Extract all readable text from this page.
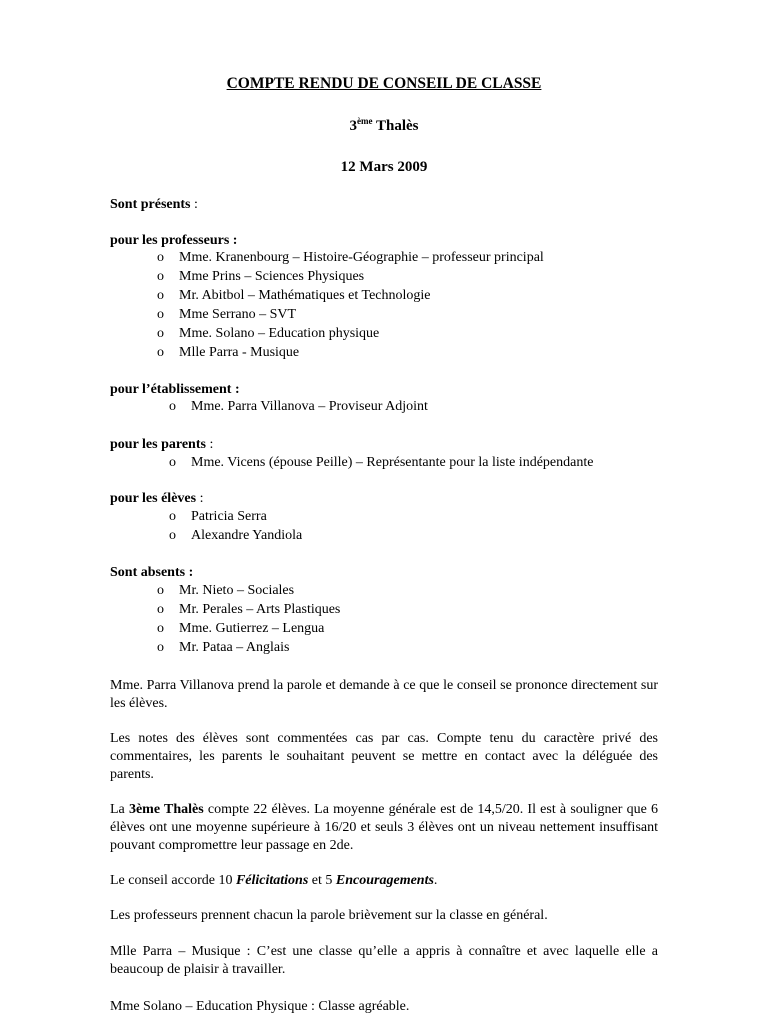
COMPTE RENDU DE CONSEIL DE CLASSE
3ème Thalès
12 Mars 2009
Sont présents :
pour les professeurs :
o Mme. Kranenbourg – Histoire-Géographie – professeur principal
o Mme Prins – Sciences Physiques
o Mr. Abitbol – Mathématiques et Technologie
o Mme Serrano – SVT
o Mme. Solano – Education physique
o Mlle Parra - Musique
pour l’établissement :
o Mme. Parra Villanova – Proviseur Adjoint
pour les parents :
o Mme. Vicens (épouse Peille) – Représentante pour la liste indépendante
pour les élèves :
o Patricia Serra
o Alexandre Yandiola
Sont absents :
o Mr. Nieto – Sociales
o Mr. Perales – Arts Plastiques
o Mme. Gutierrez – Lengua
o Mr. Pataa – Anglais
Mme. Parra Villanova prend la parole et demande à ce que le conseil se prononce directement sur les élèves.
Les notes des élèves sont commentées cas par cas. Compte tenu du caractère privé des commentaires, les parents le souhaitant peuvent se mettre en contact avec la déléguée des parents.
La 3ème Thalès compte 22 élèves. La moyenne générale est de 14,5/20. Il est à souligner que 6 élèves ont une moyenne supérieure à 16/20 et seuls 3 élèves ont un niveau nettement insuffisant pouvant compromettre leur passage en 2de.
Le conseil accorde 10 Félicitations et 5 Encouragements.
Les professeurs prennent chacun la parole brièvement sur la classe en général.
Mlle Parra – Musique : C’est une classe qu’elle a appris à connaître et avec laquelle elle a beaucoup de plaisir à travailler.
Mme Solano – Education Physique : Classe agréable.
